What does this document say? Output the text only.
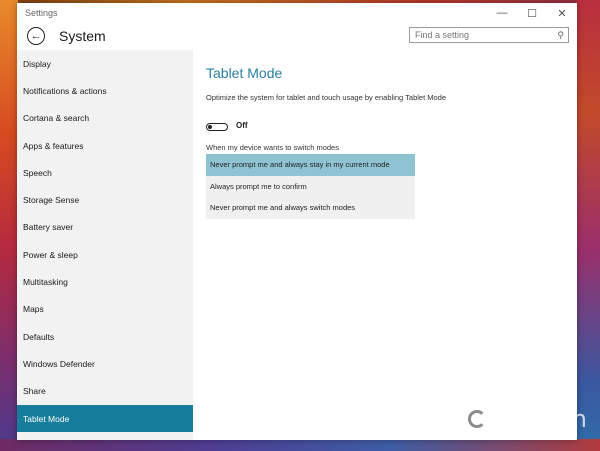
Settings	—	☐	✕
← System	Find a setting	⚲
Display
Notifications & actions
Cortana & search
Apps & features
Speech
Storage Sense
Battery saver
Power & sleep
Multitasking
Maps
Defaults
Windows Defender
Share
Tablet Mode
Tablet Mode
Optimize the system for tablet and touch usage by enabling Tablet Mode
Off
When my device wants to switch modes
Never prompt me and always stay in my current mode
Always prompt me to confirm
Never prompt me and always switch modes
Neowin
